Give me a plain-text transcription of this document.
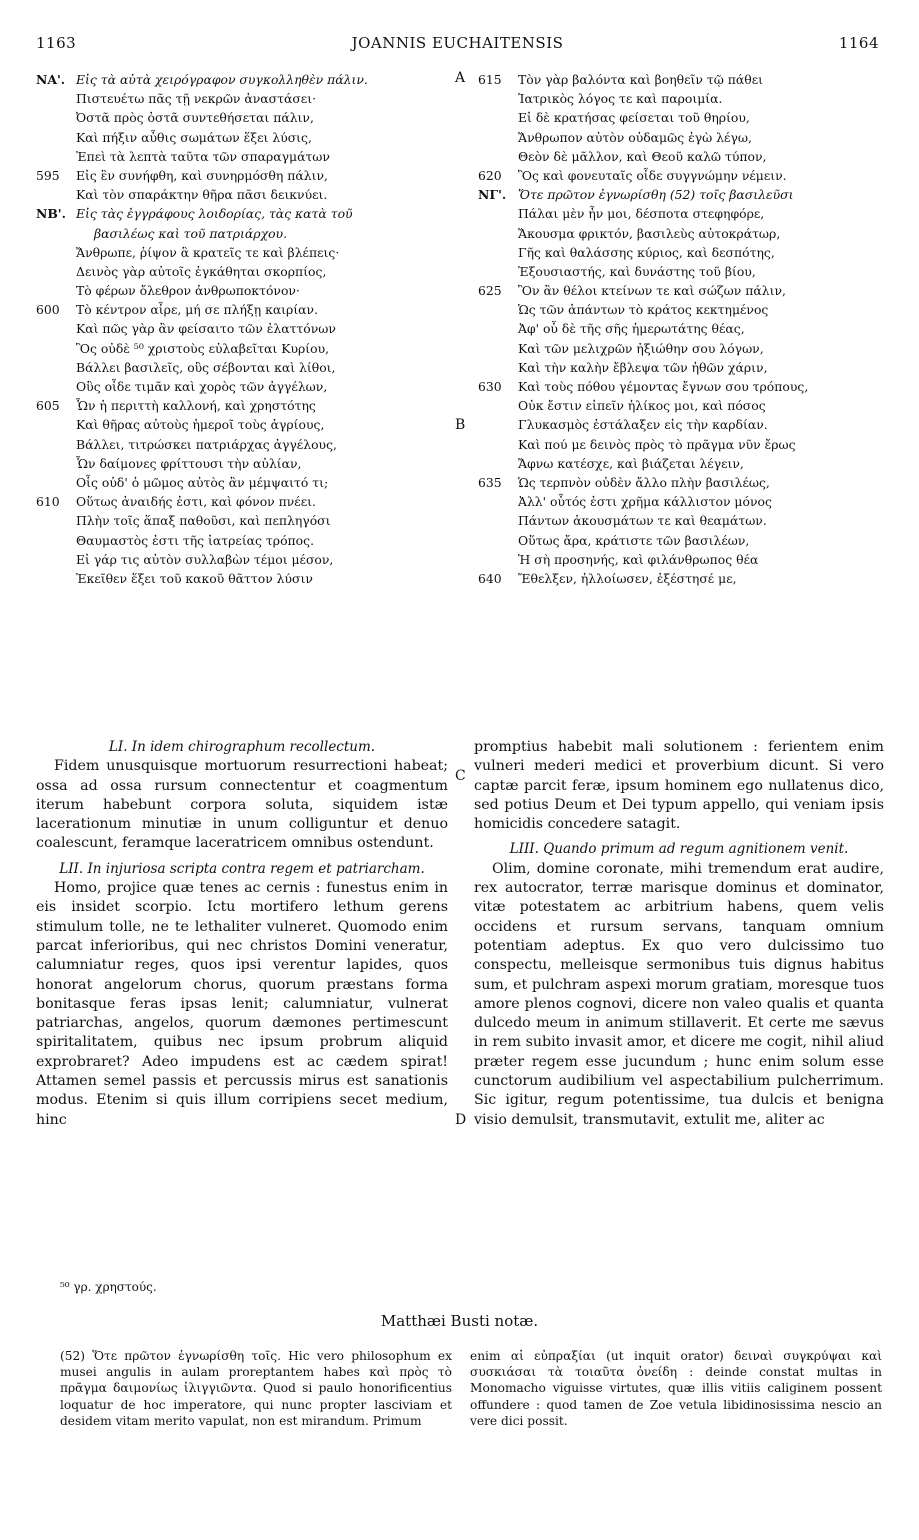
1163	JOANNIS EUCHAITENSIS	1164
ΝΑ'. Εἰς τὰ αὐτὰ χειρόγραφον συγκολληθὲν πάλιν.
Πιστευέτω πᾶς τῇ νεκρῶν ἀναστάσει·
Ὀστᾶ πρὸς ὀστᾶ συντεθήσεται πάλιν,
Καὶ πήξιν αὖθις σωμάτων ἕξει λύσις,
Ἐπεὶ τὰ λεπτὰ ταῦτα τῶν σπαραγμάτων
595 Εἰς ἓν συνήφθη, καὶ συνηρμόσθη πάλιν,
Καὶ τὸν σπαράκτην θῆρα πᾶσι δεικνύει.
ΝΒ'. Εἰς τὰς ἐγγράφους λοιδορίας, τὰς κατὰ τοῦ
βασιλέως καὶ τοῦ πατριάρχου.
Ἄνθρωπε, ῥίψον ἃ κρατεῖς τε καὶ βλέπεις·
Δεινὸς γὰρ αὐτοῖς ἐγκάθηται σκορπίος,
Τὸ φέρων ὄλεθρον ἀνθρωποκτόνον·
600 Τὸ κέντρον αἶρε, μή σε πλήξῃ καιρίαν.
Καὶ πῶς γὰρ ἂν φείσαιτο τῶν ἐλαττόνων
Ὃς οὐδὲ ⁵⁰ χριστοὺς εὐλαβεῖται Κυρίου,
Βάλλει βασιλεῖς, οὓς σέβονται καὶ λίθοι,
Οὓς οἶδε τιμᾶν καὶ χορὸς τῶν ἀγγέλων,
605 Ὧν ἡ περιττὴ καλλονή, καὶ χρηστότης
Καὶ θῆρας αὐτοὺς ἡμεροῖ τοὺς ἀγρίους,
Βάλλει, τιτρώσκει πατριάρχας ἀγγέλους,
Ὧν δαίμονες φρίττουσι τὴν αὐλίαν,
Οἷς οὐδ' ὁ μῶμος αὐτὸς ἂν μέμψαιτό τι;
610 Οὕτως ἀναιδής ἐστι, καὶ φόνον πνέει.
Πλὴν τοῖς ἅπαξ παθοῦσι, καὶ πεπληγόσι
Θαυμαστὸς ἐστι τῆς ἰατρείας τρόπος.
Εἰ γάρ τις αὐτὸν συλλαβὼν τέμοι μέσον,
Ἐκεῖθεν ἕξει τοῦ κακοῦ θᾶττον λύσιν
615 Τὸν γὰρ βαλόντα καὶ βοηθεῖν τῷ πάθει
Ἰατρικὸς λόγος τε καὶ παροιμία.
Εἰ δὲ κρατήσας φείσεται τοῦ θηρίου,
Ἄνθρωπον αὐτὸν οὐδαμῶς ἐγὼ λέγω,
Θεὸν δὲ μᾶλλον, καὶ Θεοῦ καλῶ τύπον,
620 Ὃς καὶ φονευταῖς οἶδε συγγνώμην νέμειν.
ΝΓ'. Ὅτε πρῶτον ἐγνωρίσθη (52) τοῖς βασιλεῦσι
Πάλαι μὲν ἦν μοι, δέσποτα στεφηφόρε,
Ἄκουσμα φρικτόν, βασιλεὺς αὐτοκράτωρ,
Γῆς καὶ θαλάσσης κύριος, καὶ δεσπότης,
Ἐξουσιαστής, καὶ δυνάστης τοῦ βίου,
625 Ὃν ἂν θέλοι κτείνων τε καὶ σώζων πάλιν,
Ὡς τῶν ἁπάντων τὸ κράτος κεκτημένος
Ἀφ' οὗ δὲ τῆς σῆς ἡμερωτάτης θέας,
Καὶ τῶν μελιχρῶν ἠξιώθην σου λόγων,
Καὶ τὴν καλὴν ἔβλεψα τῶν ἠθῶν χάριν,
630 Καὶ τοὺς πόθου γέμοντας ἔγνων σου τρόπους,
Οὐκ ἔστιν εἰπεῖν ἡλίκος μοι, καὶ πόσος
Γλυκασμὸς ἐστάλαξεν εἰς τὴν καρδίαν.
Καὶ πού με δεινὸς πρὸς τὸ πρᾶγμα νῦν ἔρως
Ἄφνω κατέσχε, καὶ βιάζεται λέγειν,
635 Ὡς τερπνὸν οὐδὲν ἄλλο πλὴν βασιλέως,
Ἀλλ' οὗτός ἐστι χρῆμα κάλλιστον μόνος
Πάντων ἀκουσμάτων τε καὶ θεαμάτων.
Οὕτως ἄρα, κράτιστε τῶν βασιλέων,
Ἡ σὴ προσηνής, καὶ φιλάνθρωπος θέα
640 Ἔθελξεν, ἠλλοίωσεν, ἐξέστησέ με,
A
B
C
D

LI. In idem chirographum recollectum.

Fidem unusquisque mortuorum resurrectioni habeat; ossa ad ossa rursum connectentur et coagmentum iterum habebunt corpora soluta, siquidem istæ lacerationum minutiæ in unum colliguntur et denuo coalescunt, feramque laceratricem omnibus ostendunt.

LII. In injuriosa scripta contra regem et patriarcham.

Homo, projice quæ tenes ac cernis : funestus enim in eis insidet scorpio. Ictu mortifero lethum gerens stimulum tolle, ne te lethaliter vulneret. Quomodo enim parcat inferioribus, qui nec christos Domini veneratur, calumniatur reges, quos ipsi verentur lapides, quos honorat angelorum chorus, quorum præstans forma bonitasque feras ipsas lenit; calumniatur, vulnerat patriarchas, angelos, quorum dæmones pertimescunt spiritalitatem, quibus nec ipsum probrum aliquid exprobraret? Adeo impudens est ac cædem spirat! Attamen semel passis et percussis mirus est sanationis modus. Etenim si quis illum corripiens secet medium, hinc

promptius habebit mali solutionem : ferientem enim vulneri mederi medici et proverbium dicunt. Si vero captæ parcit feræ, ipsum hominem ego nullatenus dico, sed potius Deum et Dei typum appello, qui veniam ipsis homicidis concedere satagit.

LIII. Quando primum ad regum agnitionem venit.

Olim, domine coronate, mihi tremendum erat audire, rex autocrator, terræ marisque dominus et dominator, vitæ potestatem ac arbitrium habens, quem velis occidens et rursum servans, tanquam omnium potentiam adeptus. Ex quo vero dulcissimo tuo conspectu, melleisque sermonibus tuis dignus habitus sum, et pulchram aspexi morum gratiam, moresque tuos amore plenos cognovi, dicere non valeo qualis et quanta dulcedo meum in animum stillaverit. Et certe me sævus in rem subito invasit amor, et dicere me cogit, nihil aliud præter regem esse jucundum ; hunc enim solum esse cunctorum audibilium vel aspectabilium pulcherrimum. Sic igitur, regum potentissime, tua dulcis et benigna visio demulsit, transmutavit, extulit me, aliter ac

⁵⁰ γρ. χρηστούς.
Matthæi Busti notæ.

(52) Ὅτε πρῶτον ἐγνωρίσθη τοῖς. Hic vero philosophum ex musei angulis in aulam proreptantem habes καὶ πρὸς τὸ πρᾶγμα δαιμονίως ἰλιγγιῶντα. Quod si paulo honorificentius loquatur de hoc imperatore, qui nunc propter lasciviam et desidem vitam merito vapulat, non est mirandum. Primum

enim αἱ εὐπραξίαι (ut inquit orator) δειναὶ συγκρύψαι καὶ συσκιάσαι τὰ τοιαῦτα ὀνείδη : deinde constat multas in Monomacho viguisse virtutes, quæ illis vitiis caliginem possent offundere : quod tamen de Zoe vetula libidinosissima nescio an vere dici possit.
